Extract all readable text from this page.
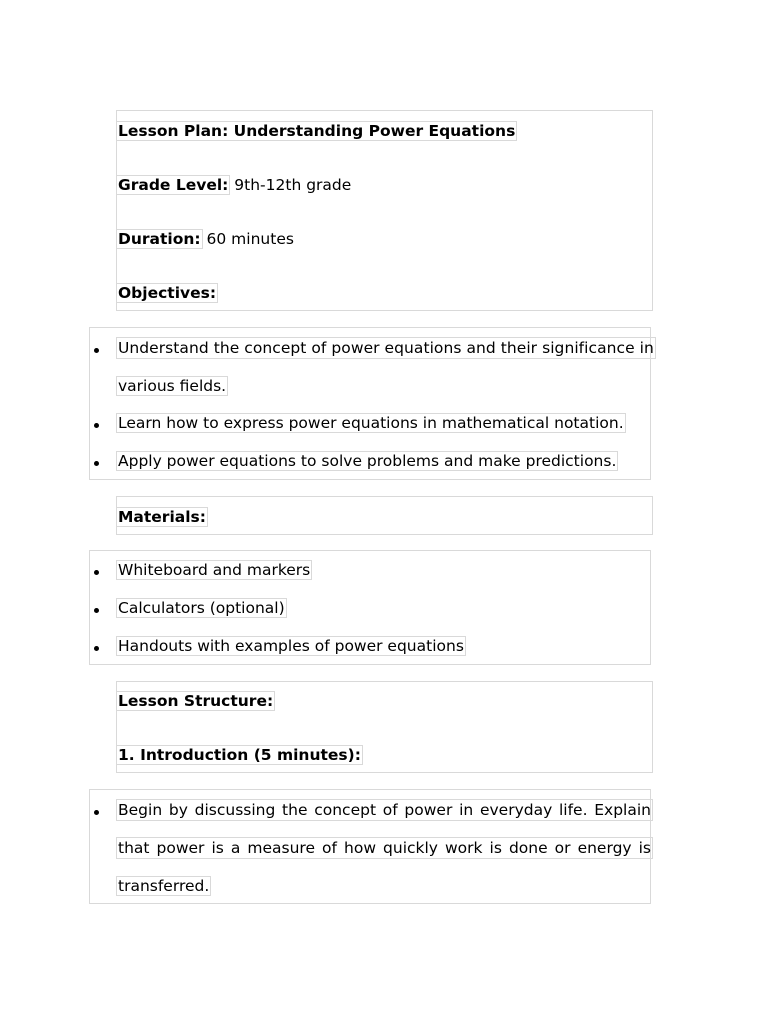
Lesson Plan: Understanding Power Equations
Grade Level: 9th-12th grade
Duration: 60 minutes
Objectives:
Understand the concept of power equations and their significance in
various fields.
Learn how to express power equations in mathematical notation.
Apply power equations to solve problems and make predictions.
Materials:
Whiteboard and markers
Calculators (optional)
Handouts with examples of power equations
Lesson Structure:
1. Introduction (5 minutes):
Begin by discussing the concept of power in everyday life. Explain
that power is a measure of how quickly work is done or energy is
transferred.
